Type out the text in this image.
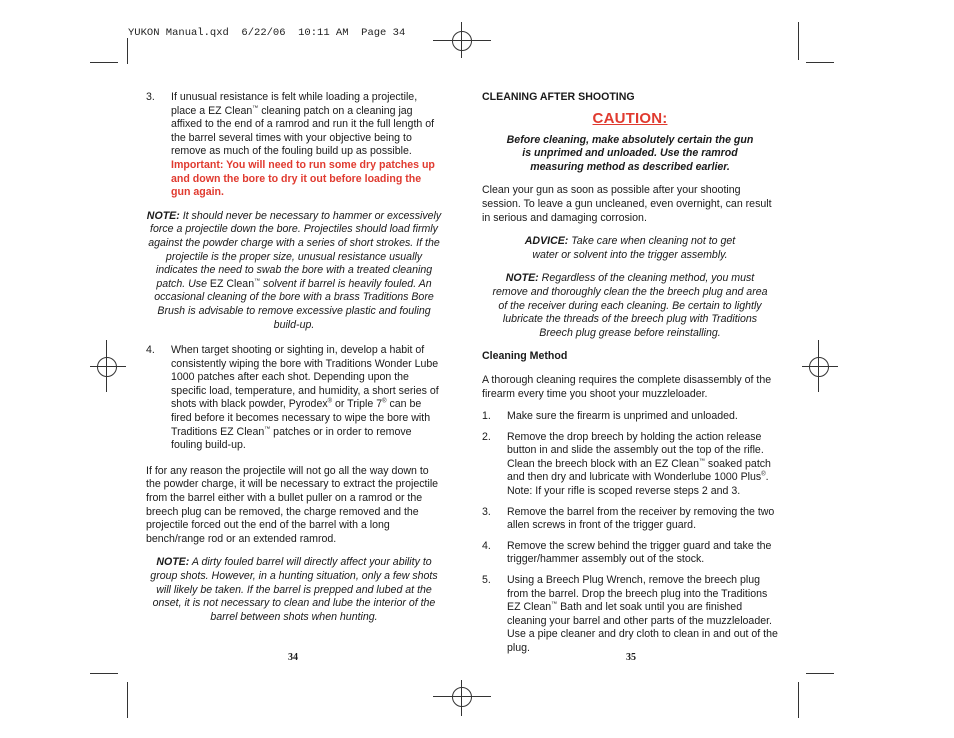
YUKON Manual.qxd  6/22/06  10:11 AM  Page 34
3.	If unusual resistance is felt while loading a projectile, place a EZ Clean™ cleaning patch on a cleaning jag affixed to the end of a ramrod and run it the full length of the barrel several times with your objective being to remove as much of the fouling build up as possible. Important: You will need to run some dry patches up and down the bore to dry it out before loading the gun again.

NOTE: It should never be necessary to hammer or excessively force a projectile down the bore. Projectiles should load firmly against the powder charge with a series of short strokes. If the projectile is the proper size, unusual resistance usually indicates the need to swab the bore with a treated cleaning patch. Use EZ Clean™ solvent if barrel is heavily fouled. An occasional cleaning of the bore with a brass Traditions Bore Brush is advisable to remove excessive plastic and fouling build-up.

4.	When target shooting or sighting in, develop a habit of consistently wiping the bore with Traditions Wonder Lube 1000 patches after each shot. Depending upon the specific load, temperature, and humidity, a short series of shots with black powder, Pyrodex® or Triple 7® can be fired before it becomes necessary to wipe the bore with Traditions EZ Clean™ patches or in order to remove fouling build-up.

If for any reason the projectile will not go all the way down to the powder charge, it will be necessary to extract the projectile from the barrel either with a bullet puller on a ramrod or the breech plug can be removed, the charge removed and the projectile forced out the end of the barrel with a long bench/range rod or an extended ramrod.

NOTE: A dirty fouled barrel will directly affect your ability to group shots. However, in a hunting situation, only a few shots will likely be taken. If the barrel is prepped and lubed at the onset, it is not necessary to clean and lube the interior of the barrel between shots when hunting.

34

CLEANING AFTER SHOOTING

CAUTION:

Before cleaning, make absolutely certain the gun is unprimed and unloaded. Use the ramrod measuring method as described earlier.

Clean your gun as soon as possible after your shooting session. To leave a gun uncleaned, even overnight, can result in serious and damaging corrosion.

ADVICE: Take care when cleaning not to get water or solvent into the trigger assembly.

NOTE: Regardless of the cleaning method, you must remove and thoroughly clean the the breech plug and area of the receiver during each cleaning. Be certain to lightly lubricate the threads of the breech plug with Traditions Breech plug grease before reinstalling.

Cleaning Method

A thorough cleaning requires the complete disassembly of the firearm every time you shoot your muzzleloader.

1.	Make sure the firearm is unprimed and unloaded.

2.	Remove the drop breech by holding the action release button in and slide the assembly out the top of the rifle. Clean the breech block with an EZ Clean™ soaked patch and then dry and lubricate with Wonderlube 1000 Plus®. Note: If your rifle is scoped reverse steps 2 and 3.

3.	Remove the barrel from the receiver by removing the two allen screws in front of the trigger guard.

4.	Remove the screw behind the trigger guard and take the trigger/hammer assembly out of the stock.

5.	Using a Breech Plug Wrench, remove the breech plug from the barrel. Drop the breech plug into the Traditions EZ Clean™ Bath and let soak until you are finished cleaning your barrel and other parts of the muzzleloader. Use a pipe cleaner and dry cloth to clean in and out of the plug.

35
